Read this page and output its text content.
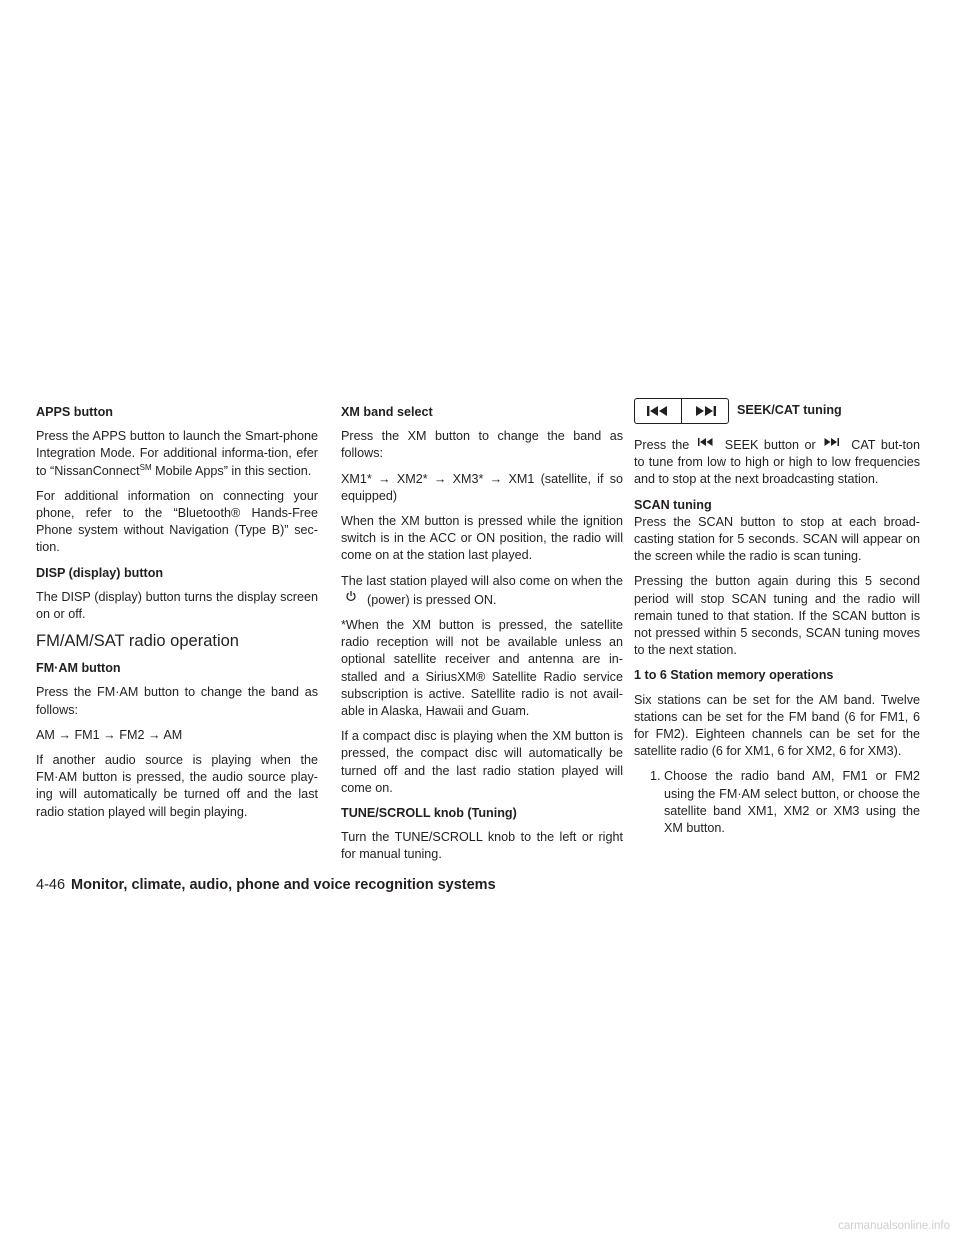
APPS button

Press the APPS button to launch the Smart-phone Integration Mode. For additional informa-tion, efer to “NissanConnect℠ Mobile Apps” in this section.

For additional information on connecting your phone, refer to the “Bluetooth® Hands-Free Phone system without Navigation (Type B)” sec-tion.

DISP (display) button

The DISP (display) button turns the display screen on or off.

FM/AM/SAT radio operation
FM·AM button

Press the FM·AM button to change the band as follows:

AM → FM1 → FM2 → AM

If another audio source is playing when the FM·AM button is pressed, the audio source play-ing will automatically be turned off and the last radio station played will begin playing.

XM band select

Press the XM button to change the band as follows:

XM1* → XM2* → XM3* → XM1 (satellite, if so equipped)

When the XM button is pressed while the ignition switch is in the ACC or ON position, the radio will come on at the station last played.

The last station played will also come on when the (power) is pressed ON.

*When the XM button is pressed, the satellite radio reception will not be available unless an optional satellite receiver and antenna are in-stalled and a SiriusXM® Satellite Radio service subscription is active. Satellite radio is not avail-able in Alaska, Hawaii and Guam.

If a compact disc is playing when the XM button is pressed, the compact disc will automatically be turned off and the last radio station played will come on.

TUNE/SCROLL knob (Tuning)

Turn the TUNE/SCROLL knob to the left or right for manual tuning.

SEEK/CAT tuning

Press the	SEEK button or	CAT but-ton to tune from low to high or high to low frequencies and to stop at the next broadcasting station.

SCAN tuning

Press the SCAN button to stop at each broad-casting station for 5 seconds. SCAN will appear on the screen while the radio is scan tuning.

Pressing the button again during this 5 second period will stop SCAN tuning and the radio will remain tuned to that station. If the SCAN button is not pressed within 5 seconds, SCAN tuning moves to the next station.

1 to 6 Station memory operations

Six stations can be set for the AM band. Twelve stations can be set for the FM band (6 for FM1, 6 for FM2). Eighteen channels can be set for the satellite radio (6 for XM1, 6 for XM2, 6 for XM3).

1. Choose the radio band AM, FM1 or FM2 using the FM·AM select button, or choose the satellite band XM1, XM2 or XM3 using the XM button.
4-46 Monitor, climate, audio, phone and voice recognition systems
carmanualsonline.info
